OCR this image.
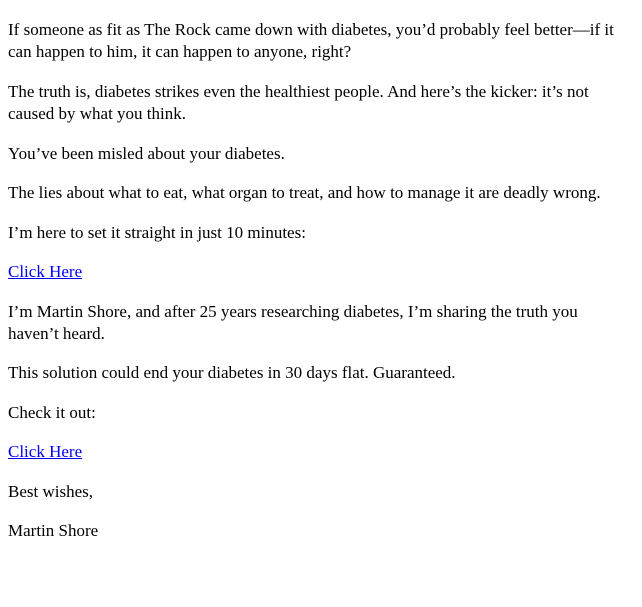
If someone as fit as The Rock came down with diabetes, you’d probably feel better—if it can happen to him, it can happen to anyone, right?

The truth is, diabetes strikes even the healthiest people. And here’s the kicker: it’s not caused by what you think.

You’ve been misled about your diabetes.

The lies about what to eat, what organ to treat, and how to manage it are deadly wrong.

I’m here to set it straight in just 10 minutes:

Click Here

I’m Martin Shore, and after 25 years researching diabetes, I’m sharing the truth you haven’t heard.

This solution could end your diabetes in 30 days flat. Guaranteed.

Check it out:

Click Here

Best wishes,

Martin Shore
